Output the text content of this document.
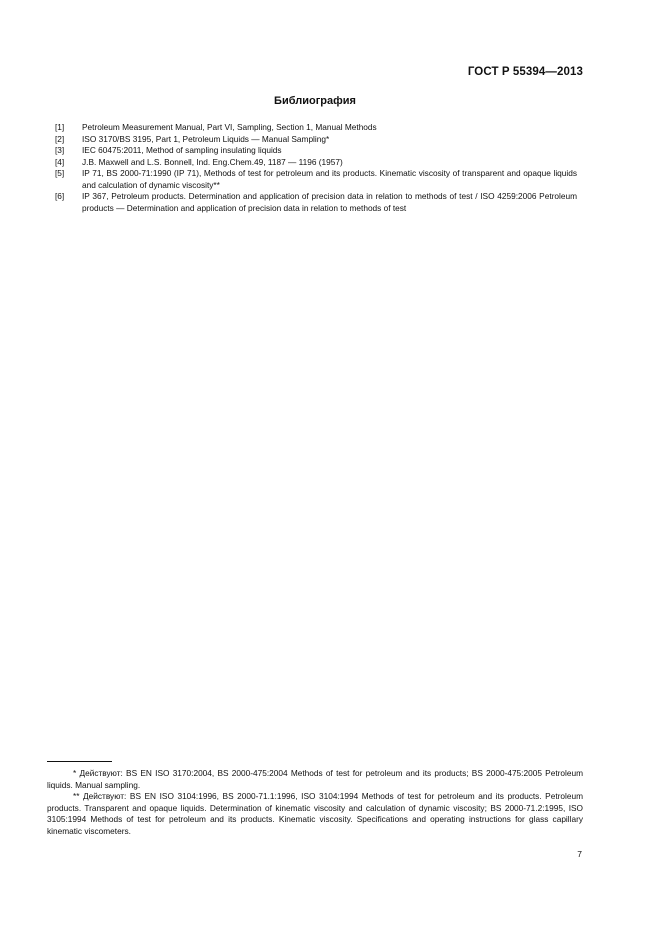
ГОСТ Р 55394—2013
Библиография
[1]	Petroleum Measurement Manual, Part VI, Sampling, Section 1, Manual Methods
[2]	ISO 3170/BS 3195, Part 1, Petroleum Liquids — Manual Sampling*
[3]	IEC 60475:2011, Method of sampling insulating liquids
[4]	J.B. Maxwell and L.S. Bonnell, Ind. Eng.Chem.49, 1187 — 1196 (1957)
[5]	IP 71, BS 2000-71:1990 (IP 71), Methods of test for petroleum and its products. Kinematic viscosity of transparent and opaque liquids and calculation of dynamic viscosity**
[6]	IP 367, Petroleum products. Determination and application of precision data in relation to methods of test / ISO 4259:2006 Petroleum products — Determination and application of precision data in relation to methods of test

* Действуют: BS EN ISO 3170:2004, BS 2000-475:2004 Methods of test for petroleum and its products; BS 2000-475:2005 Petroleum liquids. Manual sampling.

** Действуют: BS EN ISO 3104:1996, BS 2000-71.1:1996, ISO 3104:1994 Methods of test for petroleum and its products. Petroleum products. Transparent and opaque liquids. Determination of kinematic viscosity and calculation of dynamic viscosity; BS 2000-71.2:1995, ISO 3105:1994 Methods of test for petroleum and its products. Kinematic viscosity. Specifications and operating instructions for glass capillary kinematic viscometers.

7
